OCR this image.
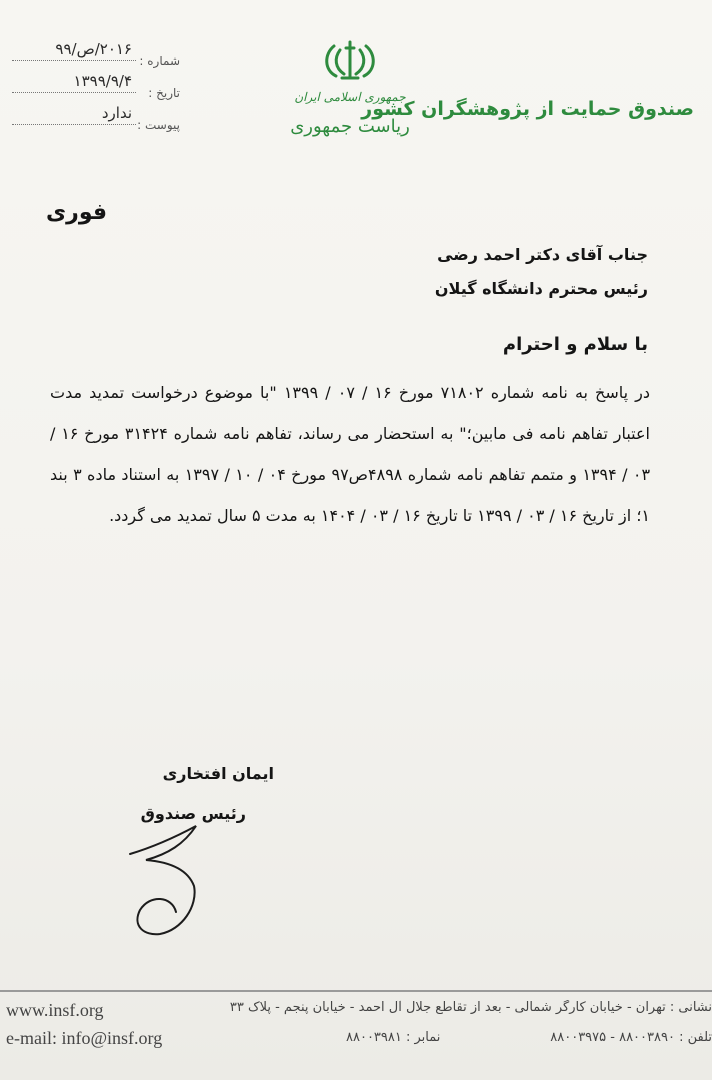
۲۰۱۶/ص/۹۹
شماره :
۱۳۹۹/۹/۴
تاریخ :
ندارد
پیوست :
جمهوری اسلامی ایران
ریاست جمهوری
صندوق حمایت از پژوهشگران کشور
فوری
جناب آقای دکتر احمد رضی
رئیس محترم دانشگاه گیلان
با سلام و احترام
در پاسخ به نامه شماره ۷۱۸۰۲ مورخ ۱۶ / ۰۷ / ۱۳۹۹ "با موضوع درخواست تمدید مدت اعتبار تفاهم نامه فی مابین؛" به استحضار می رساند، تفاهم نامه شماره ۳۱۴۲۴ مورخ ۱۶ / ۰۳ / ۱۳۹۴ و متمم تفاهم نامه شماره ۴۸۹۸ص۹۷ مورخ ۰۴ / ۱۰ / ۱۳۹۷ به استناد ماده ۳ بند ۱؛ از تاریخ ۱۶ / ۰۳ / ۱۳۹۹ تا تاریخ ۱۶ / ۰۳ / ۱۴۰۴ به مدت ۵ سال تمدید می گردد.
ایمان افتخاری
رئیس صندوق
www.insf.org
e-mail: info@insf.org
نشانی : تهران - خیابان کارگر شمالی - بعد از تقاطع جلال آل احمد - خیابان پنجم - پلاک ۳۳
تلفن : ۸۸۰۰۳۸۹۰ - ۸۸۰۰۳۹۷۵
نمابر : ۸۸۰۰۳۹۸۱
